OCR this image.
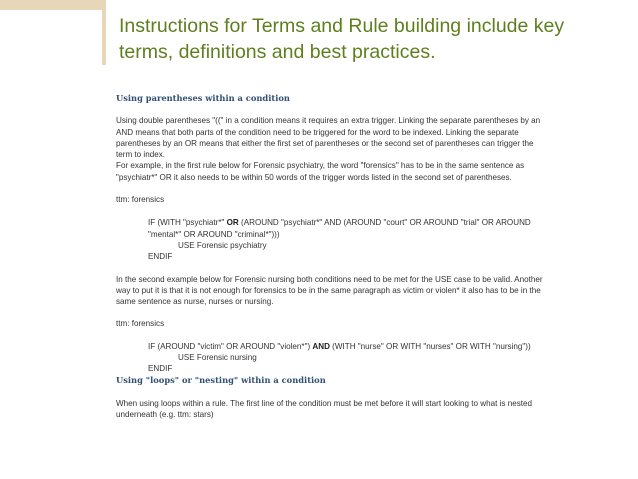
Instructions for Terms and Rule building include key terms, definitions and best practices.

Using parentheses within a condition

Using double parentheses "((" in a condition means it requires an extra trigger. Linking the separate parentheses by an AND means that both parts of the condition need to be triggered for the word to be indexed. Linking the separate parentheses by an OR means that either the first set of parentheses or the second set of parentheses can trigger the term to index.

For example, in the first rule below for Forensic psychiatry, the word "forensics" has to be in the same sentence as "psychiatr*" OR it also needs to be within 50 words of the trigger words listed in the second set of parentheses.

ttm: forensics

IF (WITH "psychiatr*" OR (AROUND "psychiatr*" AND (AROUND "court" OR AROUND "trial" OR AROUND "mental*" OR AROUND "criminal*")))

USE Forensic psychiatry

ENDIF

In the second example below for Forensic nursing both conditions need to be met for the USE case to be valid. Another way to put it is that it is not enough for forensics to be in the same paragraph as victim or violen* it also has to be in the same sentence as nurse, nurses or nursing.

ttm: forensics

IF (AROUND "victim" OR AROUND "violen*") AND (WITH "nurse" OR WITH "nurses" OR WITH "nursing"))

USE Forensic nursing

ENDIF

Using "loops" or "nesting" within a condition

When using loops within a rule. The first line of the condition must be met before it will start looking to what is nested underneath (e.g. ttm: stars)
